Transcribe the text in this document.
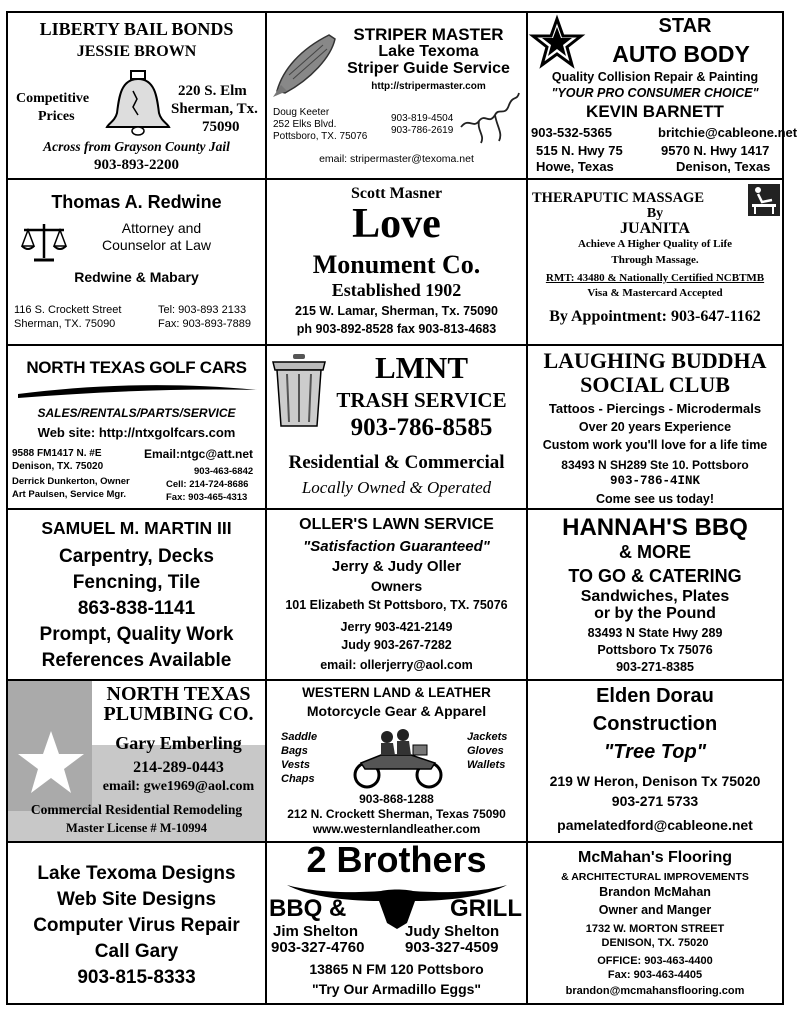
LIBERTY BAIL BONDS
JESSIE BROWN
Competitive
Prices
220 S. Elm
Sherman, Tx.
75090
Across from Grayson County Jail
903-893-2200
STRIPER MASTER
Lake Texoma
Striper Guide Service
http://stripermaster.com
Doug Keeter
252 Elks Blvd.
Pottsboro, TX. 75076
903-819-4504
903-786-2619
email: stripermaster@texoma.net
STAR
AUTO BODY
Quality Collision Repair & Painting
"YOUR PRO CONSUMER CHOICE"
KEVIN BARNETT
903-532-5365	britchie@cableone.net
515 N. Hwy 75
Howe, Texas
9570 N. Hwy 1417
Denison, Texas
Thomas A. Redwine
Attorney and
Counselor at Law
Redwine & Mabary
116 S. Crockett Street
Sherman, TX. 75090
Tel: 903-893 2133
Fax: 903-893-7889
Scott Masner
Love
Monument Co.
Established 1902
215 W. Lamar, Sherman, Tx. 75090
ph 903-892-8528 fax 903-813-4683
THERAPUTIC MASSAGE
By
JUANITA
Achieve A Higher Quality of Life
Through Massage.
RMT: 43480 & Nationally Certified NCBTMB
Visa & Mastercard Accepted
By Appointment: 903-647-1162
NORTH TEXAS GOLF CARS
SALES/RENTALS/PARTS/SERVICE
Web site: http://ntxgolfcars.com
9588 FM1417 N. #E
Denison, TX. 75020
Email:ntgc@att.net
903-463-6842
Derrick Dunkerton, Owner
Art Paulsen, Service Mgr.
Cell: 214-724-8686
Fax: 903-465-4313
LMNT
TRASH SERVICE
903-786-8585
Residential & Commercial
Locally Owned & Operated
LAUGHING BUDDHA
SOCIAL CLUB
Tattoos - Piercings - Microdermals
Over 20 years Experience
Custom work you'll love for a life time
83493 N SH289 Ste 10. Pottsboro
903-786-4INK
Come see us today!
SAMUEL M. MARTIN III
Carpentry, Decks
Fencning, Tile
863-838-1141
Prompt, Quality Work
References Available
OLLER'S LAWN SERVICE
"Satisfaction Guaranteed"
Jerry & Judy Oller
Owners
101 Elizabeth St Pottsboro, TX. 75076
Jerry 903-421-2149
Judy 903-267-7282
email: ollerjerry@aol.com
HANNAH'S BBQ
& MORE
TO GO & CATERING
Sandwiches, Plates
or by the Pound
83493 N State Hwy 289
Pottsboro Tx 75076
903-271-8385
NORTH TEXAS
PLUMBING CO.
Gary Emberling
214-289-0443
email: gwe1969@aol.com
Commercial Residential Remodeling
Master License # M-10994
WESTERN LAND & LEATHER
Motorcycle Gear & Apparel
Saddle
Bags
Vests
Chaps
Jackets
Gloves
Wallets
903-868-1288
212 N. Crockett Sherman, Texas 75090
www.westernlandleather.com
Elden Dorau
Construction
"Tree Top"
219 W Heron, Denison Tx 75020
903-271 5733
pamelatedford@cableone.net
Lake Texoma Designs
Web Site Designs
Computer Virus Repair
Call Gary
903-815-8333
2 Brothers
BBQ &	GRILL
Jim Shelton	Judy Shelton
903-327-4760	903-327-4509
13865 N FM 120 Pottsboro
"Try Our Armadillo Eggs"
McMahan's Flooring
& ARCHITECTURAL IMPROVEMENTS
Brandon McMahan
Owner and Manger
1732 W. MORTON STREET
DENISON, TX. 75020
OFFICE: 903-463-4400
Fax: 903-463-4405
brandon@mcmahansflooring.com
